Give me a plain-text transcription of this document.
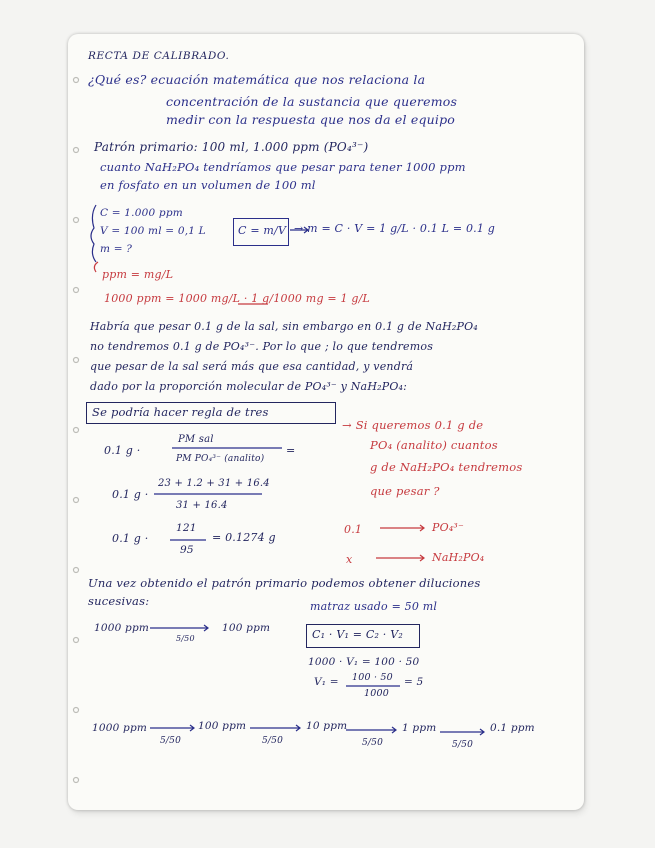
RECTA DE CALIBRADO.
¿Qué es? ecuación matemática que nos relaciona la
concentración de la sustancia que queremos
medir con la respuesta que nos da el equipo
Patrón primario: 100 ml, 1.000 ppm (PO₄³⁻)
cuanto NaH₂PO₄ tendríamos que pesar para tener 1000 ppm
en fosfato en un volumen de 100 ml
C = 1.000 ppm
V = 100 ml = 0,1 L
m = ?
C = m/V → m = C · V = 1 g/L · 0.1 L = 0.1 g
ppm = mg/L
1000 ppm = 1000 mg/L · 1 g/1000 mg = 1 g/L
Habría que pesar 0.1 g de la sal, sin embargo en 0.1 g de NaH₂PO₄
no tendremos 0.1 g de PO₄³⁻. Por lo que ; lo que tendremos
que pesar de la sal será más que esa cantidad, y vendrá
dado por la proporción molecular de PO₄³⁻ y NaH₂PO₄:
Se podría hacer regla de tres
→ Si queremos 0.1 g de
PO₄ (analito) cuantos
g de NaH₂PO₄ tendremos
que pesar ?
0.1 g ·
PM sal
PM PO₄³⁻ (analito)
=
0.1 g ·
23 + 1.2 + 31 + 16.4
31 + 16.4
0.1 g ·
121
95
= 0.1274 g
0.1	PO₄³⁻
x	NaH₂PO₄
Una vez obtenido el patrón primario podemos obtener diluciones
sucesivas:	matraz usado = 50 ml
1000 ppm
5/50
100 ppm	C₁ · V₁ = C₂ · V₂
1000 · V₁ = 100 · 50
V₁ = 100 · 50
1000
= 5
1000 ppm	100 ppm	10 ppm	1 ppm	0.1 ppm
5/50	5/50	5/50	5/50
